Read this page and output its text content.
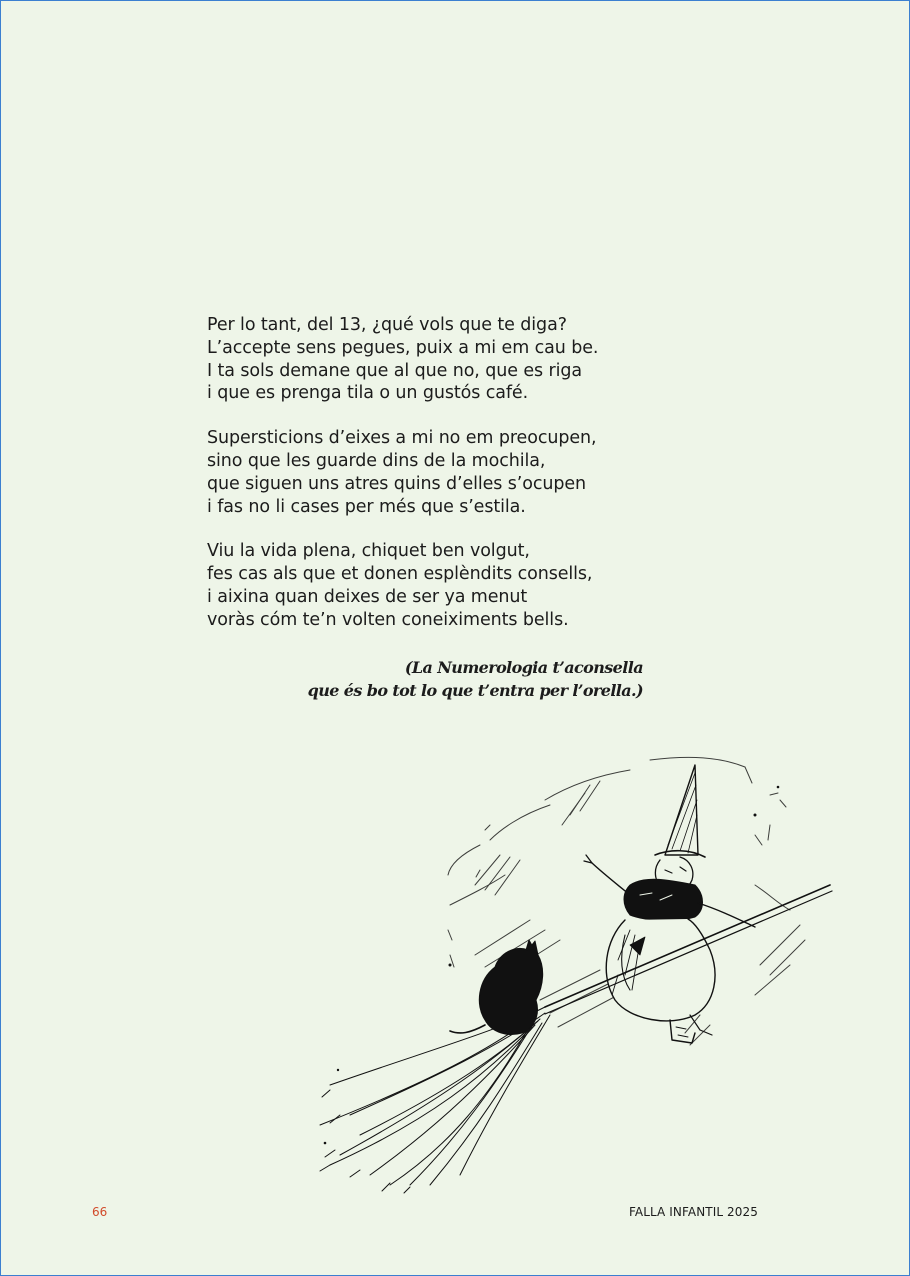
Per lo tant, del 13, ¿qué vols que te diga?
L’accepte sens pegues, puix a mi em cau be.
I ta sols demane que al que no, que es riga
i que es prenga tila o un gustós café.
Supersticions d’eixes a mi no em preocupen,
sino que les guarde dins de la mochila,
que siguen uns atres quins d’elles s’ocupen
i fas no li cases per més que s’estila.
Viu la vida plena, chiquet ben volgut,
fes cas als que et donen esplèndits consells,
i aixina quan deixes de ser ya menut
voràs cóm te’n volten coneiximents bells.
(La Numerologia t’aconsella
que és bo tot lo que t’entra per l’orella.)
66	FALLA INFANTIL 2025
